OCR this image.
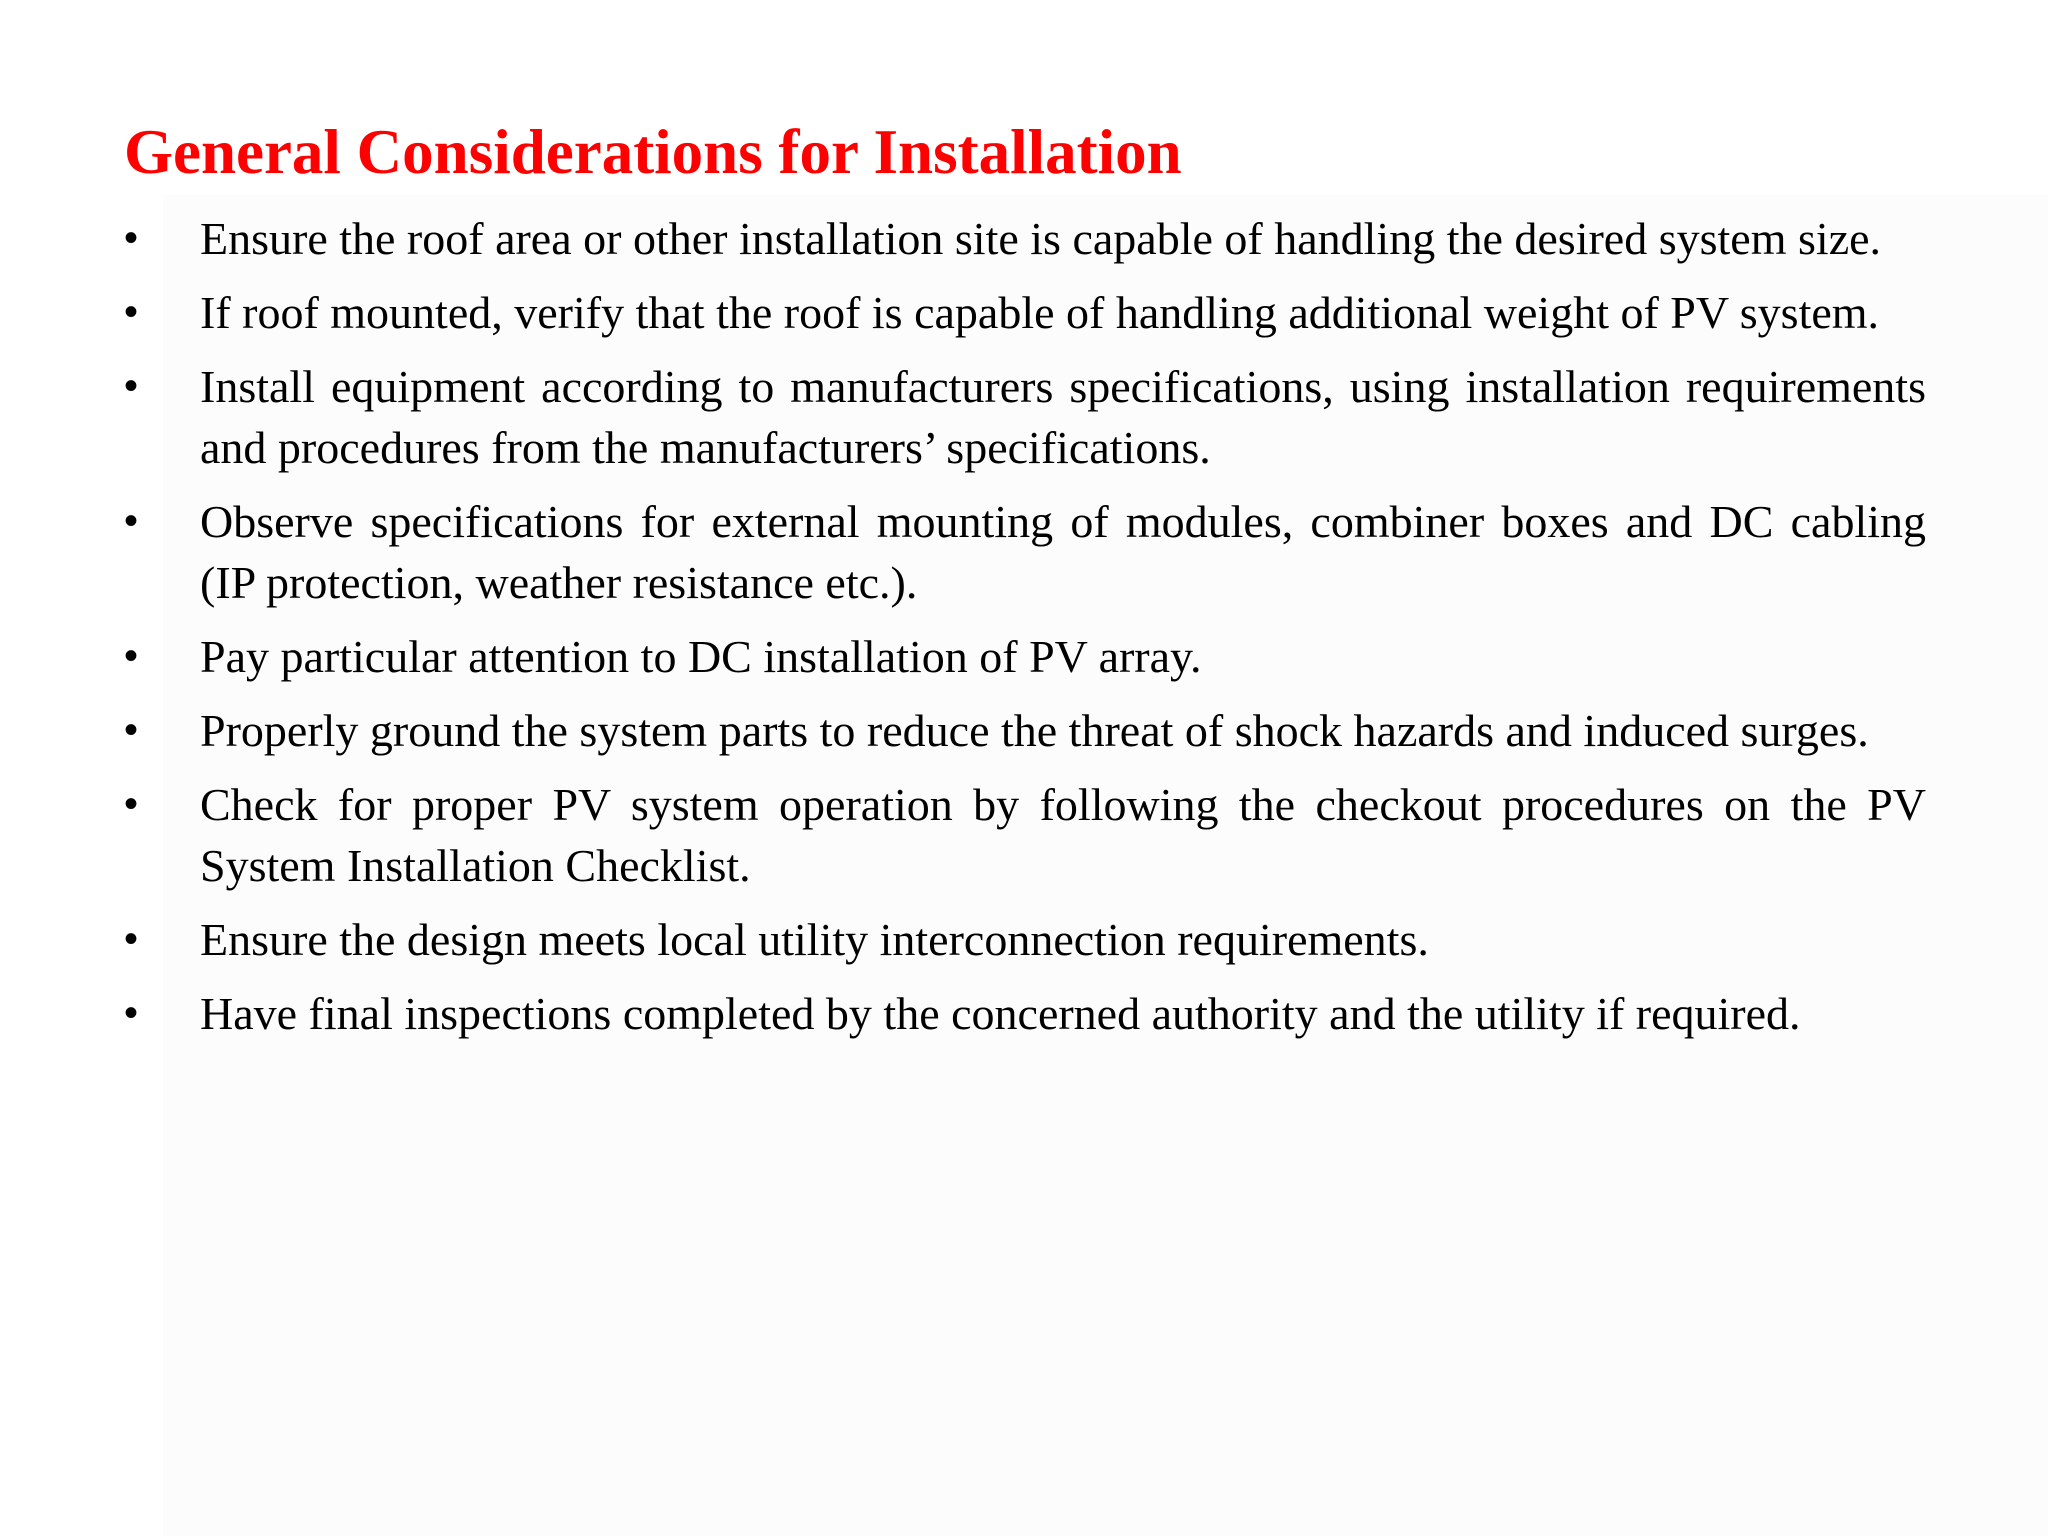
General Considerations for Installation
• Ensure the roof area or other installation site is capable of handling the desired system size.
• If roof mounted, verify that the roof is capable of handling additional weight of PV system.
• Install equipment according to manufacturers specifications, using installation requirements and procedures from the manufacturers’ specifications.
• Observe specifications for external mounting of modules, combiner boxes and DC cabling (IP protection, weather resistance etc.).
• Pay particular attention to DC installation of PV array.
• Properly ground the system parts to reduce the threat of shock hazards and induced surges.
• Check for proper PV system operation by following the checkout procedures on the PV System Installation Checklist.
• Ensure the design meets local utility interconnection requirements.
• Have final inspections completed by the concerned authority and the utility if required.
